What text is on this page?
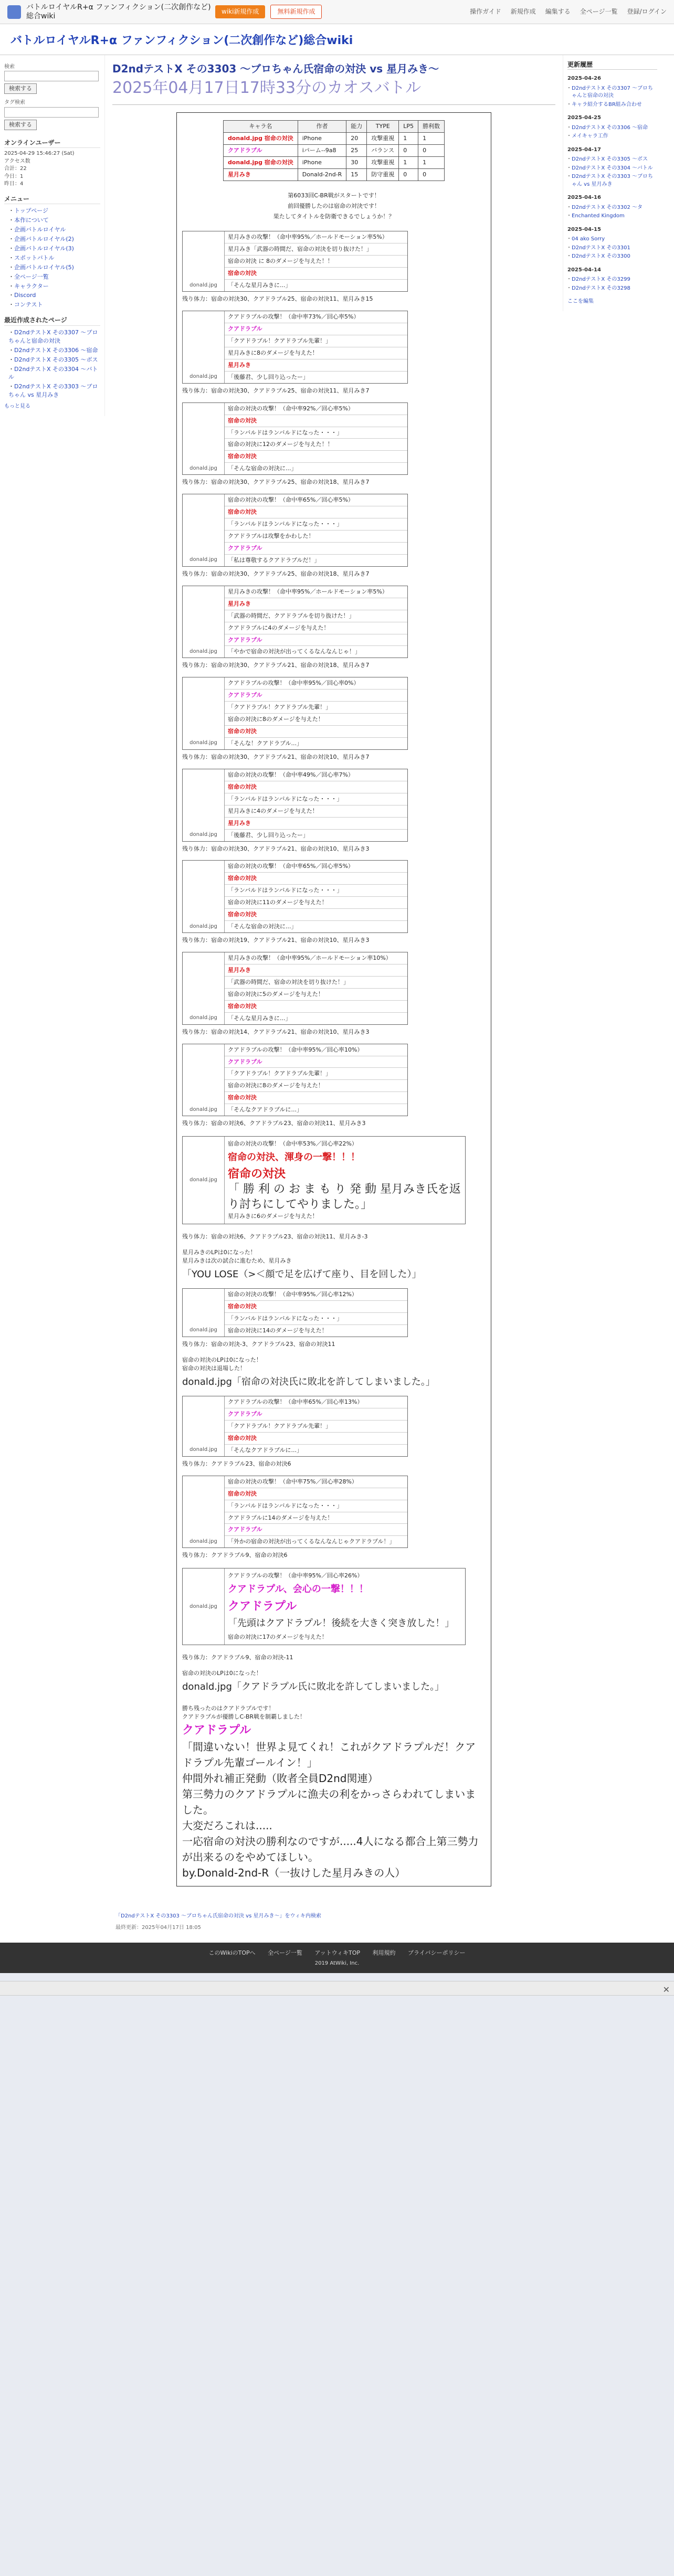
バトルロイヤルR+α ファンフィクション(二次創作など)総合wiki
wiki新規作成	無料新規作成	操作ガイド 新規作成 編集する 全ページ一覧 登録/ログイン
バトルロイヤルR+α ファンフィクション(二次創作など)総合wiki
検索
検索する
タグ検索
検索する
オンラインユーザー
2025-04-29 15:46:27 (Sat)
アクセス数
合計：22
今日：1
昨日：4
メニュー
・ トップページ
・ 本作について
・ 企画バトルロイヤル
・ 企画バトルロイヤル(2)
・ 企画バトルロイヤル(3)
・ スポットバトル
・ 企画バトルロイヤル(5)
・ 全ページ一覧
・ キャラクター
・ Discord
・ コンテスト
最近作成されたページ
・ D2ndテストX その3307 〜ブロちゃんと宿命の対決
・ D2ndテストX その3306 〜宿命
・ D2ndテストX その3305 〜ボス
・ D2ndテストX その3304 〜バトル
・ D2ndテストX その3303 〜ブロちゃん vs 星月みき
もっと見る
D2ndテストX その3303 〜ブロちゃん氏宿命の対決 vs 星月みき〜
2025年04月17日17時33分のカオスバトル
キャラ名	作者	能力	TYPE	LP5	勝利数
donald.jpg 宿命の対決	iPhone	20	攻撃重視	1	1
クアドラプル	iパーム--9a8	25	バランス	0	0
donald.jpg 宿命の対決	iPhone	30	攻撃重視	1	1
星月みき	Donald-2nd-R	15	防守重視	0	0
第6033回C-BR戦がスタートです！
前回優勝したのは宿命の対決です！
果たしてタイトルを防衛できるでしょうか！？
donald.jpg
星月みきの攻撃！（命中率95%／ホールドモーション率5%）
星月みき「武器の時間だ、宿命の対決を切り抜けた！」
宿命の対決 に 8のダメージを与えた！！
宿命の対決
「そんな星月みきに...」
残り体力：宿命の対決30、クアドラプル25、宿命の対決11、星月みき15
donald.jpg
クアドラプルの攻撃！（命中率73%／回心率5%）
クアドラプル
「クアドラプル！クアドラプル先輩！」
星月みきに8のダメージを与えた！
星月みき
「後藤君、少し回り込ったー」
残り体力：宿命の対決30、クアドラプル25、宿命の対決11、星月みき7
donald.jpg
宿命の対決の攻撃！（命中率92%／回心率5%）
宿命の対決
「ランバルドはランバルドになった・・・」
宿命の対決に12のダメージを与えた！！
宿命の対決
「そんな宿命の対決に...」
残り体力：宿命の対決30、クアドラプル25、宿命の対決18、星月みき7
donald.jpg
宿命の対決の攻撃！（命中率65%／回心率5%）
宿命の対決
「ランバルドはランバルドになった・・・」
クアドラプルは攻撃をかわした！
クアドラプル
「私は尊敬するクアドラプルだ！」
残り体力：宿命の対決30、クアドラプル25、宿命の対決18、星月みき7
donald.jpg
星月みきの攻撃！（命中率95%／ホールドモーション率5%）
星月みき
「武器の時間だ、クアドラプルを切り抜けた！」
クアドラプルに4のダメージを与えた！
クアドラプル
「やかで宿命の対決が出ってくるなんなんじゃ！」
残り体力：宿命の対決30、クアドラプル21、宿命の対決18、星月みき7
donald.jpg
クアドラプルの攻撃！（命中率95%／回心率0%）
クアドラプル
「クアドラプル！クアドラプル先輩！」
宿命の対決に8のダメージを与えた！
宿命の対決
「そんな！クアドラプル...」
残り体力：宿命の対決30、クアドラプル21、宿命の対決10、星月みき7
donald.jpg
宿命の対決の攻撃！（命中率49%／回心率7%）
宿命の対決
「ランバルドはランバルドになった・・・」
星月みきに4のダメージを与えた！
星月みき
「後藤君、少し回り込ったー」
残り体力：宿命の対決30、クアドラプル21、宿命の対決10、星月みき3
donald.jpg
宿命の対決の攻撃！（命中率65%／回心率5%）
宿命の対決
「ランバルドはランバルドになった・・・」
宿命の対決に11のダメージを与えた！
宿命の対決
「そんな宿命の対決に...」
残り体力：宿命の対決19、クアドラプル21、宿命の対決10、星月みき3
donald.jpg
星月みきの攻撃！（命中率95%／ホールドモーション率10%）
星月みき
「武器の時間だ、宿命の対決を切り抜けた！」
宿命の対決に5のダメージを与えた！
宿命の対決
「そんな星月みきに...」
残り体力：宿命の対決14、クアドラプル21、宿命の対決10、星月みき3
donald.jpg
クアドラプルの攻撃！（命中率95%／回心率10%）
クアドラプル
「クアドラプル！クアドラプル先輩！」
宿命の対決に8のダメージを与えた！
宿命の対決
「そんなクアドラプルに...」
残り体力：宿命の対決6、クアドラプル23、宿命の対決11、星月みき3
donald.jpg
宿命の対決の攻撃！（命中率53%／回心率22%）
宿命の対決、渾身の一撃！！！
宿命の対決
「 勝 利 の お ま も り 発 動 星月みき氏を返り討ちにしてやりました。」
星月みきに6のダメージを与えた！
残り体力：宿命の対決6、クアドラプル23、宿命の対決11、星月みき-3
星月みきのLPは0になった！
星月みきは次の試合に進むため、星月みき
「YOU LOSE（>＜顔で足を広げて座り、目を回した）」
donald.jpg
宿命の対決の攻撃！（命中率95%／回心率12%）
宿命の対決
「ランバルドはランバルドになった・・・」
宿命の対決に14のダメージを与えた！
残り体力：宿命の対決-3、クアドラプル23、宿命の対決11
宿命の対決のLPは0になった！
宿命の対決は退場した！
donald.jpg「宿命の対決氏に敗北を許してしまいました。」
donald.jpg
クアドラプルの攻撃！（命中率65%／回心率13%）
クアドラプル
「クアドラプル！クアドラプル先輩！」
宿命の対決
「そんなクアドラプルに...」
残り体力：クアドラプル23、宿命の対決6
donald.jpg
宿命の対決の攻撃！（命中率75%／回心率28%）
宿命の対決
「ランバルドはランバルドになった・・・」
クアドラプルに14のダメージを与えた！
クアドラプル
「外かの宿命の対決が出ってくるなんなんじゃクアドラプル！」
残り体力：クアドラプル9、宿命の対決6
donald.jpg
クアドラプルの攻撃！（命中率95%／回心率26%）
クアドラプル、会心の一撃！！！
クアドラプル
「先頭はクアドラプル！後続を大きく突き放した！」
宿命の対決に17のダメージを与えた！
残り体力：クアドラプル9、宿命の対決-11
宿命の対決のLPは0になった！
donald.jpg「クアドラプル氏に敗北を許してしまいました。」
勝ち残ったのはクアドラプルです！
クアドラプルが優勝しC-BR戦を制覇しました！
クアドラプル
「間違いない！世界よ見てくれ！これがクアドラプルだ！クアドラプル先輩ゴールイン！」
仲間外れ補正発動（敗者全員D2nd関連）
第三勢力のクアドラプルに漁夫の利をかっさらわれてしまいました。
大変だろこれは.....
一応宿命の対決の勝利なのですが.....4人になる都合上第三勢力が出来るのをやめてほしい。
by.Donald-2nd-R（一抜けした星月みきの人）
更新履歴
2025-04-26
・ D2ndテストX その3307 〜ブロちゃんと宿命の対決
・ キャラ紹介するBR組み合わせ
2025-04-25
・ D2ndテストX その3306 〜宿命
・ メイキャラ工作
2025-04-17
・ D2ndテストX その3305 〜ボス
・ D2ndテストX その3304 〜バトル
・ D2ndテストX その3303 〜ブロちゃん vs 星月みき
2025-04-16
・ D2ndテストX その3302 〜タ
・ Enchanted Kingdom
2025-04-15
・ 04 ako Sorry
・ D2ndテストX その3301
・ D2ndテストX その3300
2025-04-14
・ D2ndテストX その3299
・ D2ndテストX その3298
ここを編集
「D2ndテストX その3303 〜ブロちゃん氏宿命の対決 vs 星月みき〜」をウィキ内検索
最終更新：2025年04月17日 18:05
このWikiのTOPへ 全ページ一覧 アットウィキTOP 利用規約 プライバシーポリシー
2019 AtWiki, Inc.
✕
